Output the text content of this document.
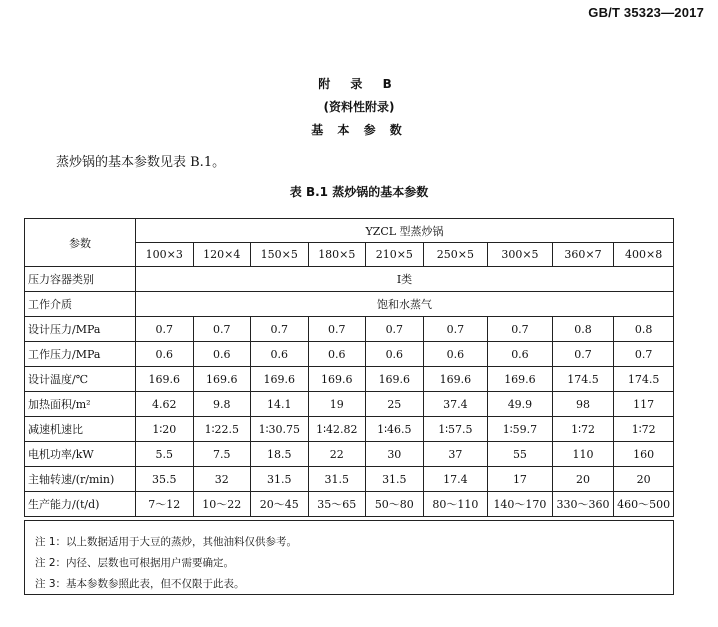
GB/T 35323—2017
附 录 B
(资料性附录)
基 本 参 数
蒸炒锅的基本参数见表 B.1。
表 B.1 蒸炒锅的基本参数
参数	YZCL 型蒸炒锅								
	100×3	120×4	150×5	180×5	210×5	250×5	300×5	360×7	400×8
压力容器类别	Ⅰ类								
工作介质	饱和水蒸气								
设计压力/MPa	0.7	0.7	0.7	0.7	0.7	0.7	0.7	0.8	0.8
工作压力/MPa	0.6	0.6	0.6	0.6	0.6	0.6	0.6	0.7	0.7
设计温度/℃	169.6	169.6	169.6	169.6	169.6	169.6	169.6	174.5	174.5
加热面积/m²	4.62	9.8	14.1	19	25	37.4	49.9	98	117
减速机速比	1∶20	1∶22.5	1∶30.75	1∶42.82	1∶46.5	1∶57.5	1∶59.7	1∶72	1∶72
电机功率/kW	5.5	7.5	18.5	22	30	37	55	110	160
主轴转速/(r/min)	35.5	32	31.5	31.5	31.5	17.4	17	20	20
生产能力/(t/d)	7～12	10～22	20～45	35～65	50～80	80～110	140～170	330～360	460～500
注 1：以上数据适用于大豆的蒸炒，其他油料仅供参考。
注 2：内径、层数也可根据用户需要确定。
注 3：基本参数参照此表，但不仅限于此表。
